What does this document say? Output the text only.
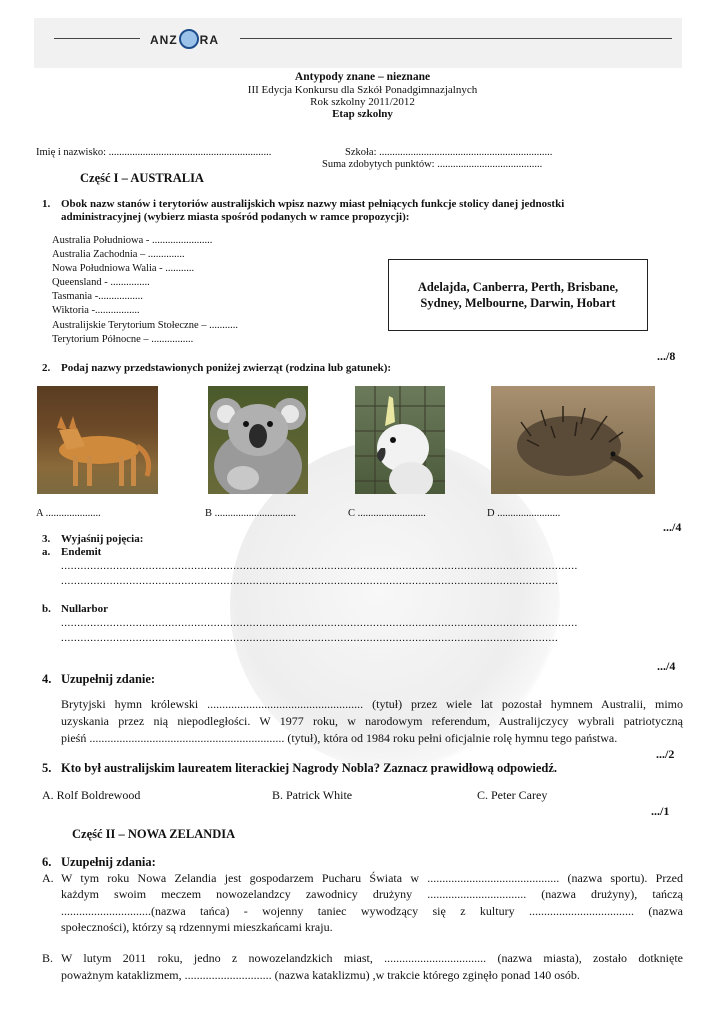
ANZ RA
Antypody znane – nieznane
III Edycja Konkursu dla Szkół Ponadgimnazjalnych
Rok szkolny 2011/2012
Etap szkolny
Imię i nazwisko: ..............................................................	Szkoła: ..................................................................
Suma zdobytych punktów: ........................................
Część I – AUSTRALIA
1. Obok nazw stanów i terytoriów australijskich wpisz nazwy miast pełniących funkcje stolicy danej jednostki
administracyjnej (wybierz miasta spośród podanych w ramce propozycji):
Australia Południowa - .......................
Australia Zachodnia – ..............
Nowa Południowa Walia - ...........
Queensland - ...............
Tasmania -.................
Wiktoria -.................
Australijskie Terytorium Stołeczne – ...........
Terytorium Północne – ................
Adelajda, Canberra, Perth, Brisbane,
Sydney, Melbourne, Darwin, Hobart
.../8
2. Podaj nazwy przedstawionych poniżej zwierząt (rodzina lub gatunek):
A .....................	B ...............................	C ..........................	D ........................
.../4
3. Wyjaśnij pojęcia:
a. Endemit
...............................................................................................................................................................
.........................................................................................................................................................
b. Nullarbor
...............................................................................................................................................................
.........................................................................................................................................................
.../4
4. Uzupełnij zdanie:
Brytyjski hymn królewski .................................................... (tytuł) przez wiele lat pozostał hymnem Australii, mimo
uzyskania przez nią niepodległości. W 1977 roku, w narodowym referendum, Australijczycy wybrali patriotyczną
pieśń ................................................................. (tytuł), która od 1984 roku pełni oficjalnie rolę hymnu tego państwa.
.../2
5. Kto był australijskim laureatem literackiej Nagrody Nobla? Zaznacz prawidłową odpowiedź.
A. Rolf Boldrewood	B. Patrick White	C. Peter Carey
.../1
Część II – NOWA ZELANDIA
6. Uzupełnij zdania:
A. W tym roku Nowa Zelandia jest gospodarzem Pucharu Świata w ............................................ (nazwa sportu). Przed
każdym swoim meczem nowozelandzcy zawodnicy drużyny ................................. (nazwa drużyny), tańczą
..............................(nazwa tańca) - wojenny taniec wywodzący się z kultury ................................... (nazwa
społeczności), którzy są rdzennymi mieszkańcami kraju.
B. W lutym 2011 roku, jedno z nowozelandzkich miast, .................................. (nazwa miasta), zostało dotknięte
poważnym kataklizmem, ............................. (nazwa kataklizmu) ,w trakcie którego zginęło ponad 140 osób.
